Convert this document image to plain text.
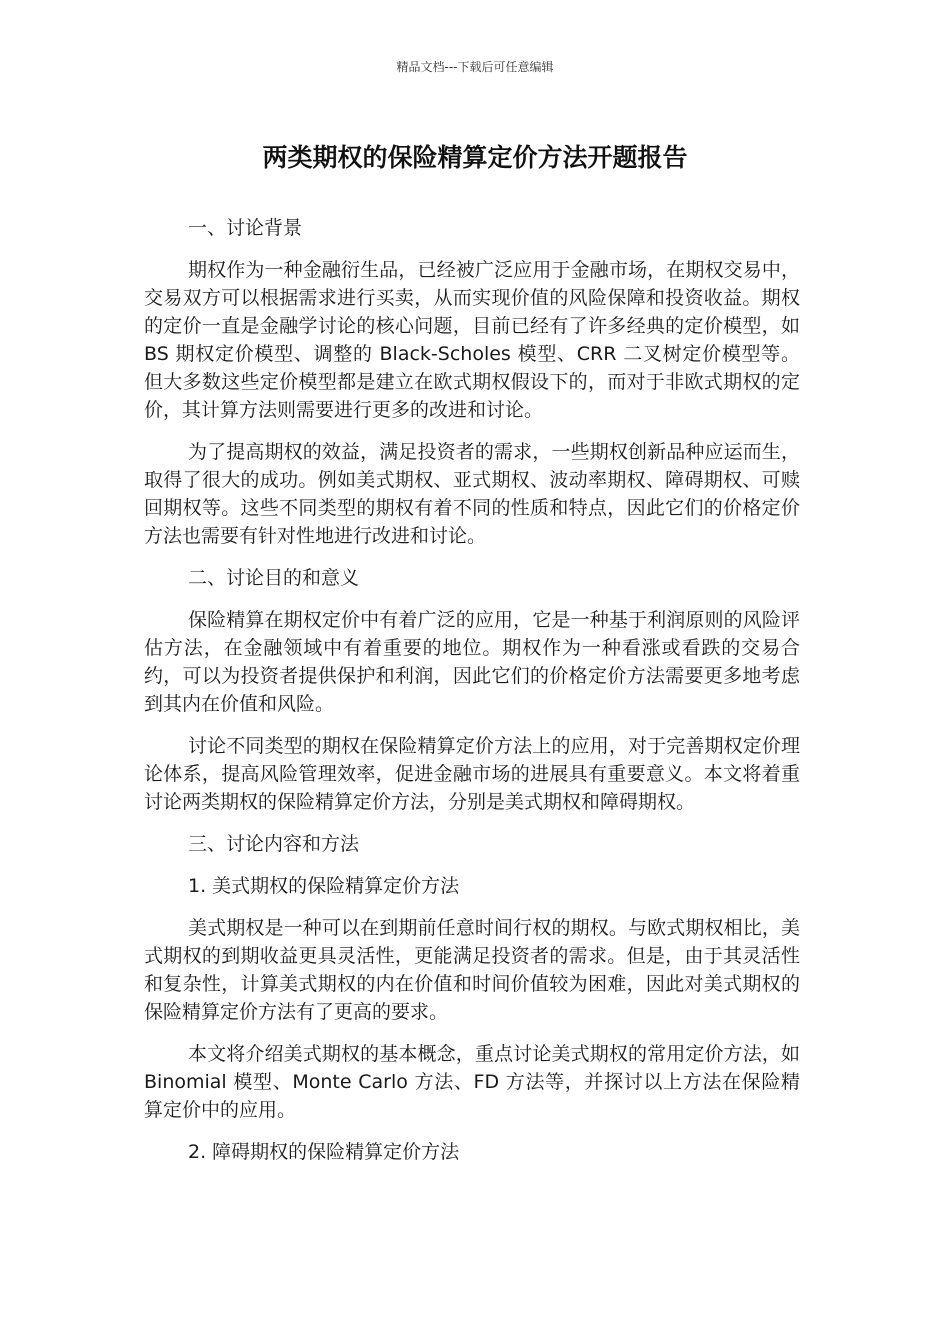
精品文档---下载后可任意编辑
两类期权的保险精算定价方法开题报告

一、讨论背景

期权作为一种金融衍生品，已经被广泛应用于金融市场，在期权交易中，交易双方可以根据需求进行买卖，从而实现价值的风险保障和投资收益。期权的定价一直是金融学讨论的核心问题，目前已经有了许多经典的定价模型，如 BS 期权定价模型、调整的 Black-Scholes 模型、CRR 二叉树定价模型等。但大多数这些定价模型都是建立在欧式期权假设下的，而对于非欧式期权的定价，其计算方法则需要进行更多的改进和讨论。

为了提高期权的效益，满足投资者的需求，一些期权创新品种应运而生，取得了很大的成功。例如美式期权、亚式期权、波动率期权、障碍期权、可赎回期权等。这些不同类型的期权有着不同的性质和特点，因此它们的价格定价方法也需要有针对性地进行改进和讨论。

二、讨论目的和意义

保险精算在期权定价中有着广泛的应用，它是一种基于利润原则的风险评估方法，在金融领域中有着重要的地位。期权作为一种看涨或看跌的交易合约，可以为投资者提供保护和利润，因此它们的价格定价方法需要更多地考虑到其内在价值和风险。

讨论不同类型的期权在保险精算定价方法上的应用，对于完善期权定价理论体系，提高风险管理效率，促进金融市场的进展具有重要意义。本文将着重讨论两类期权的保险精算定价方法，分别是美式期权和障碍期权。

三、讨论内容和方法

1. 美式期权的保险精算定价方法

美式期权是一种可以在到期前任意时间行权的期权。与欧式期权相比，美式期权的到期收益更具灵活性，更能满足投资者的需求。但是，由于其灵活性和复杂性，计算美式期权的内在价值和时间价值较为困难，因此对美式期权的保险精算定价方法有了更高的要求。

本文将介绍美式期权的基本概念，重点讨论美式期权的常用定价方法，如 Binomial 模型、Monte Carlo 方法、FD 方法等，并探讨以上方法在保险精算定价中的应用。

2. 障碍期权的保险精算定价方法
